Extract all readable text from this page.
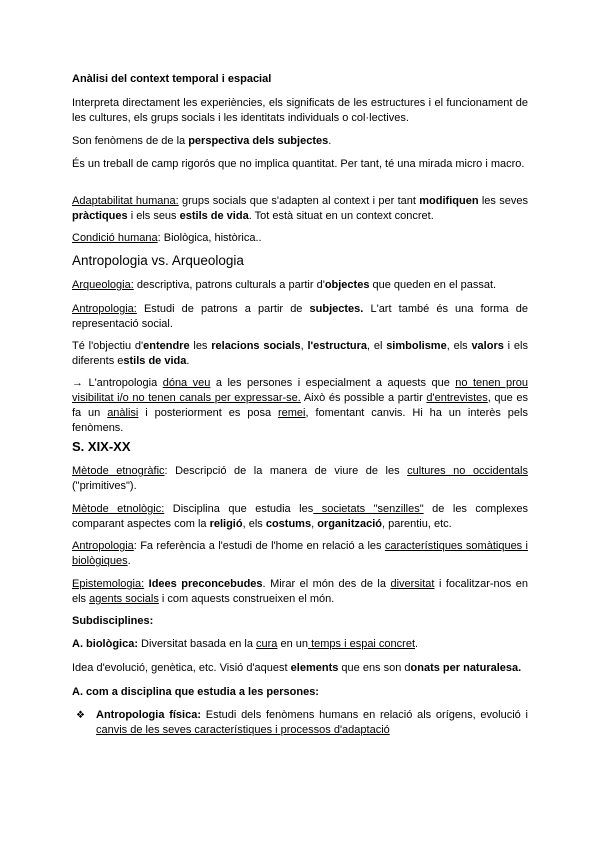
Anàlisi del context temporal i espacial

Interpreta directament les experiències, els significats de les estructures i el funcionament de les cultures, els grups socials i les identitats individuals o col·lectives.

Son fenòmens de de la perspectiva dels subjectes.

És un treball de camp rigorós que no implica quantitat. Per tant, té una mirada micro i macro.

Adaptabilitat humana: grups socials que s'adapten al context i per tant modifiquen les seves pràctiques i els seus estils de vida. Tot està situat en un context concret.

Condició humana: Biològica, històrica..

Antropologia vs. Arqueologia

Arqueologia: descriptiva, patrons culturals a partir d'objectes que queden en el passat.

Antropologia: Estudi de patrons a partir de subjectes. L'art també és una forma de representació social.

Té l'objectiu d'entendre les relacions socials, l'estructura, el simbolisme, els valors i els diferents estils de vida.

→ L'antropologia dóna veu a les persones i especialment a aquests que no tenen prou visibilitat i/o no tenen canals per expressar-se. Això és possible a partir d'entrevistes, que es fa un anàlisi i posteriorment es posa remei, fomentant canvis. Hi ha un interès pels fenòmens.

S. XIX-XX

Mètode etnogràfic: Descripció de la manera de viure de les cultures no occidentals ("primitives").

Mètode etnològic: Disciplina que estudia les societats "senzilles" de les complexes comparant aspectes com la religió, els costums, organització, parentiu, etc.

Antropologia: Fa referència a l'estudi de l'home en relació a les característiques somàtiques i biològiques.

Epistemologia: Idees preconcebudes. Mirar el món des de la diversitat i focalitzar-nos en els agents socials i com aquests construeixen el món.

Subdisciplines:

A. biològica: Diversitat basada en la cura en un temps i espai concret.

Idea d'evolució, genètica, etc. Visió d'aquest elements que ens son donats per naturalesa.

A. com a disciplina que estudia a les persones:

❖	Antropologia física: Estudi dels fenòmens humans en relació als orígens, evolució i canvis de les seves característiques i processos d'adaptació
